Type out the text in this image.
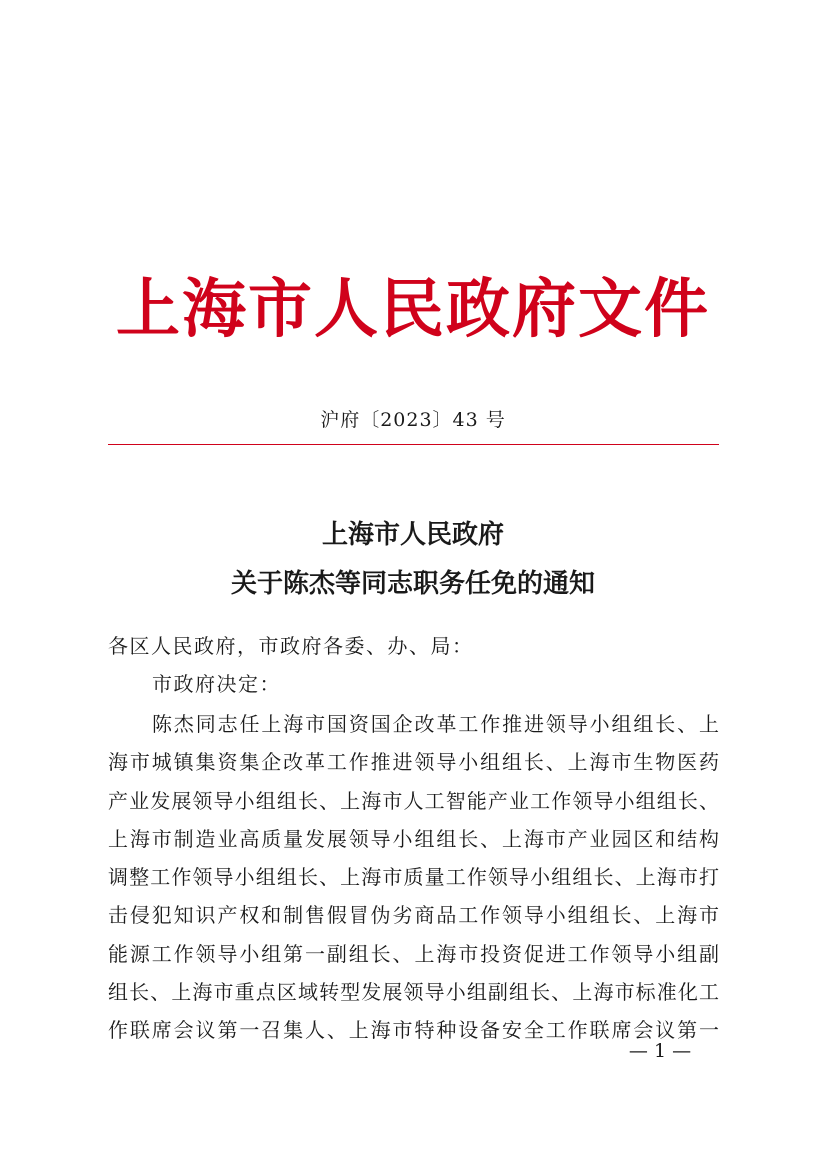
上海市人民政府文件
沪府〔2023〕43 号
上海市人民政府
关于陈杰等同志职务任免的通知
各区人民政府，市政府各委、办、局：
市政府决定：
陈杰同志任上海市国资国企改革工作推进领导小组组长、上
海市城镇集资集企改革工作推进领导小组组长、上海市生物医药
产业发展领导小组组长、上海市人工智能产业工作领导小组组长、
上海市制造业高质量发展领导小组组长、上海市产业园区和结构
调整工作领导小组组长、上海市质量工作领导小组组长、上海市打
击侵犯知识产权和制售假冒伪劣商品工作领导小组组长、上海市
能源工作领导小组第一副组长、上海市投资促进工作领导小组副
组长、上海市重点区域转型发展领导小组副组长、上海市标准化工
作联席会议第一召集人、上海市特种设备安全工作联席会议第一
— 1 —
